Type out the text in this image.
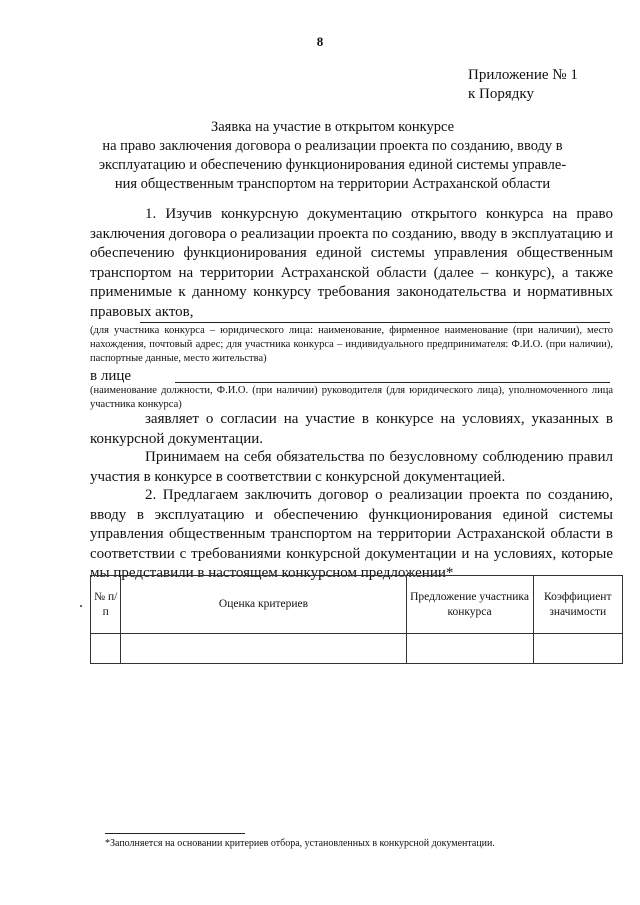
8
Приложение № 1
к Порядку
Заявка на участие в открытом конкурсе
на право заключения договора о реализации проекта по созданию, вводу в
эксплуатацию и обеспечению функционирования единой системы управле-
ния общественным транспортом на территории Астраханской области
1. Изучив конкурсную документацию открытого конкурса на право заключения договора о реализации проекта по созданию, вводу в эксплуатацию и обеспечению функционирования единой системы управления общественным транспортом на территории Астраханской области (далее – конкурс), а также применимые к данному конкурсу требования законодательства и нормативных правовых актов,
(для участника конкурса – юридического лица: наименование, фирменное наименование (при наличии), место нахождения, почтовый адрес; для участника конкурса – индивидуального предпринимателя: Ф.И.О. (при наличии), паспортные данные, место жительства)
в лице
(наименование должности, Ф.И.О. (при наличии) руководителя (для юридического лица), уполномоченного лица участника конкурса)
заявляет о согласии на участие в конкурсе на условиях, указанных в конкурсной документации.
Принимаем на себя обязательства по безусловному соблюдению правил участия в конкурсе в соответствии с конкурсной документацией.
2. Предлагаем заключить договор о реализации проекта по созданию, вводу в эксплуатацию и обеспечению функционирования единой системы управления общественным транспортом на территории Астраханской области в соответствии с требованиями конкурсной документации и на условиях, которые мы представили в настоящем конкурсном предложении*
№ п/п	Оценка критериев	Предложение участника конкурса	Коэффициент значимости

*Заполняется на основании критериев отбора, установленных в конкурсной документации.
